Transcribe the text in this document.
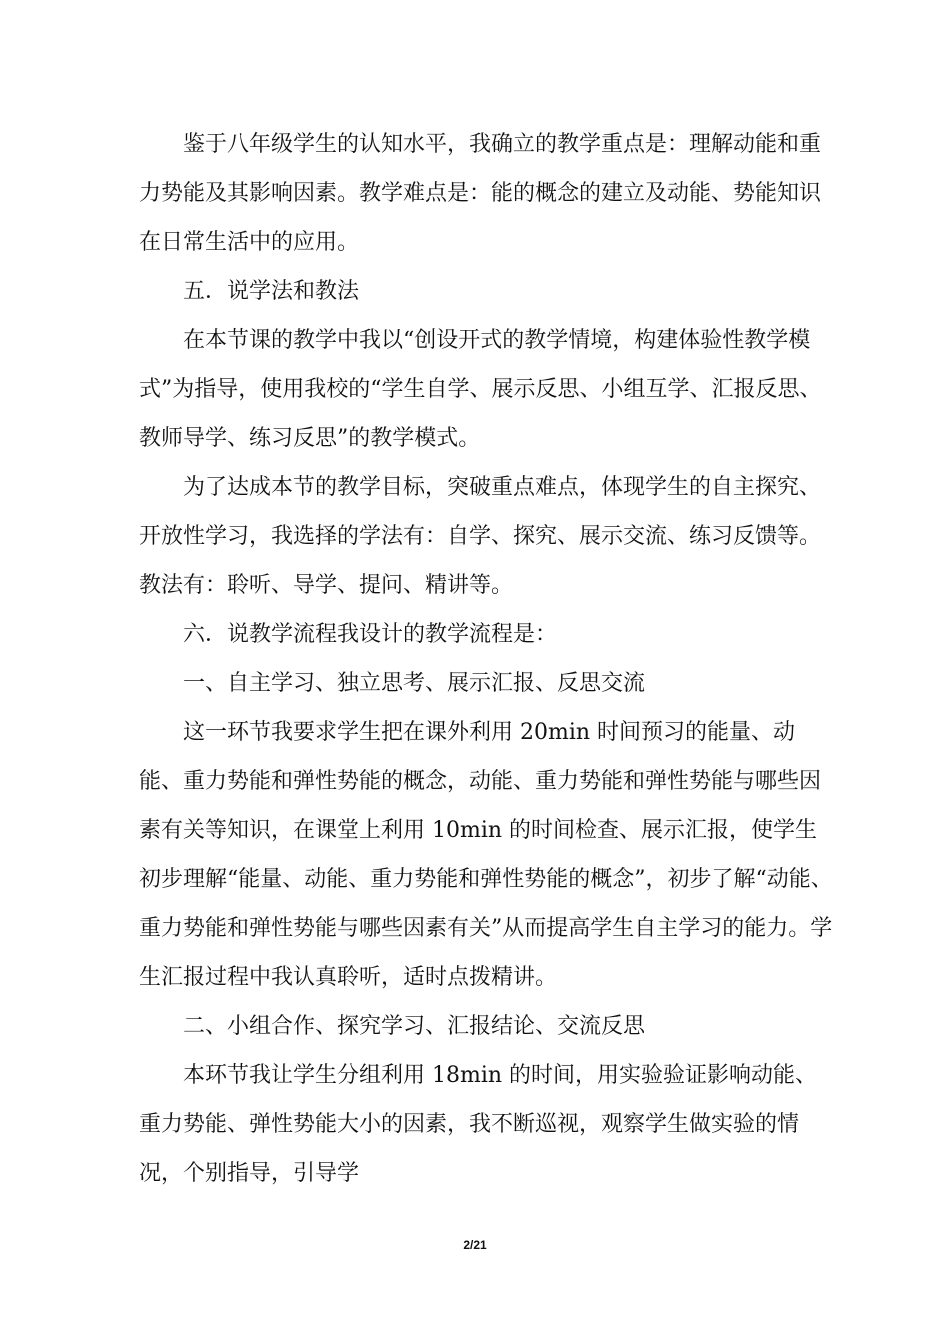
鉴于八年级学生的认知水平，我确立的教学重点是：理解动能和重力势能及其影响因素。教学难点是：能的概念的建立及动能、势能知识在日常生活中的应用。

五．说学法和教法

在本节课的教学中我以“创设开式的教学情境，构建体验性教学模式”为指导，使用我校的“学生自学、展示反思、小组互学、汇报反思、教师导学、练习反思”的教学模式。

为了达成本节的教学目标，突破重点难点，体现学生的自主探究、开放性学习，我选择的学法有：自学、探究、展示交流、练习反馈等。教法有：聆听、导学、提问、精讲等。

六．说教学流程我设计的教学流程是：

一、自主学习、独立思考、展示汇报、反思交流

这一环节我要求学生把在课外利用 20min 时间预习的能量、动能、重力势能和弹性势能的概念，动能、重力势能和弹性势能与哪些因素有关等知识，在课堂上利用 10min 的时间检查、展示汇报，使学生初步理解“能量、动能、重力势能和弹性势能的概念”，初步了解“动能、重力势能和弹性势能与哪些因素有关”从而提高学生自主学习的能力。学生汇报过程中我认真聆听，适时点拨精讲。

二、小组合作、探究学习、汇报结论、交流反思

本环节我让学生分组利用 18min 的时间，用实验验证影响动能、重力势能、弹性势能大小的因素，我不断巡视，观察学生做实验的情况，个别指导，引导学

2/21
